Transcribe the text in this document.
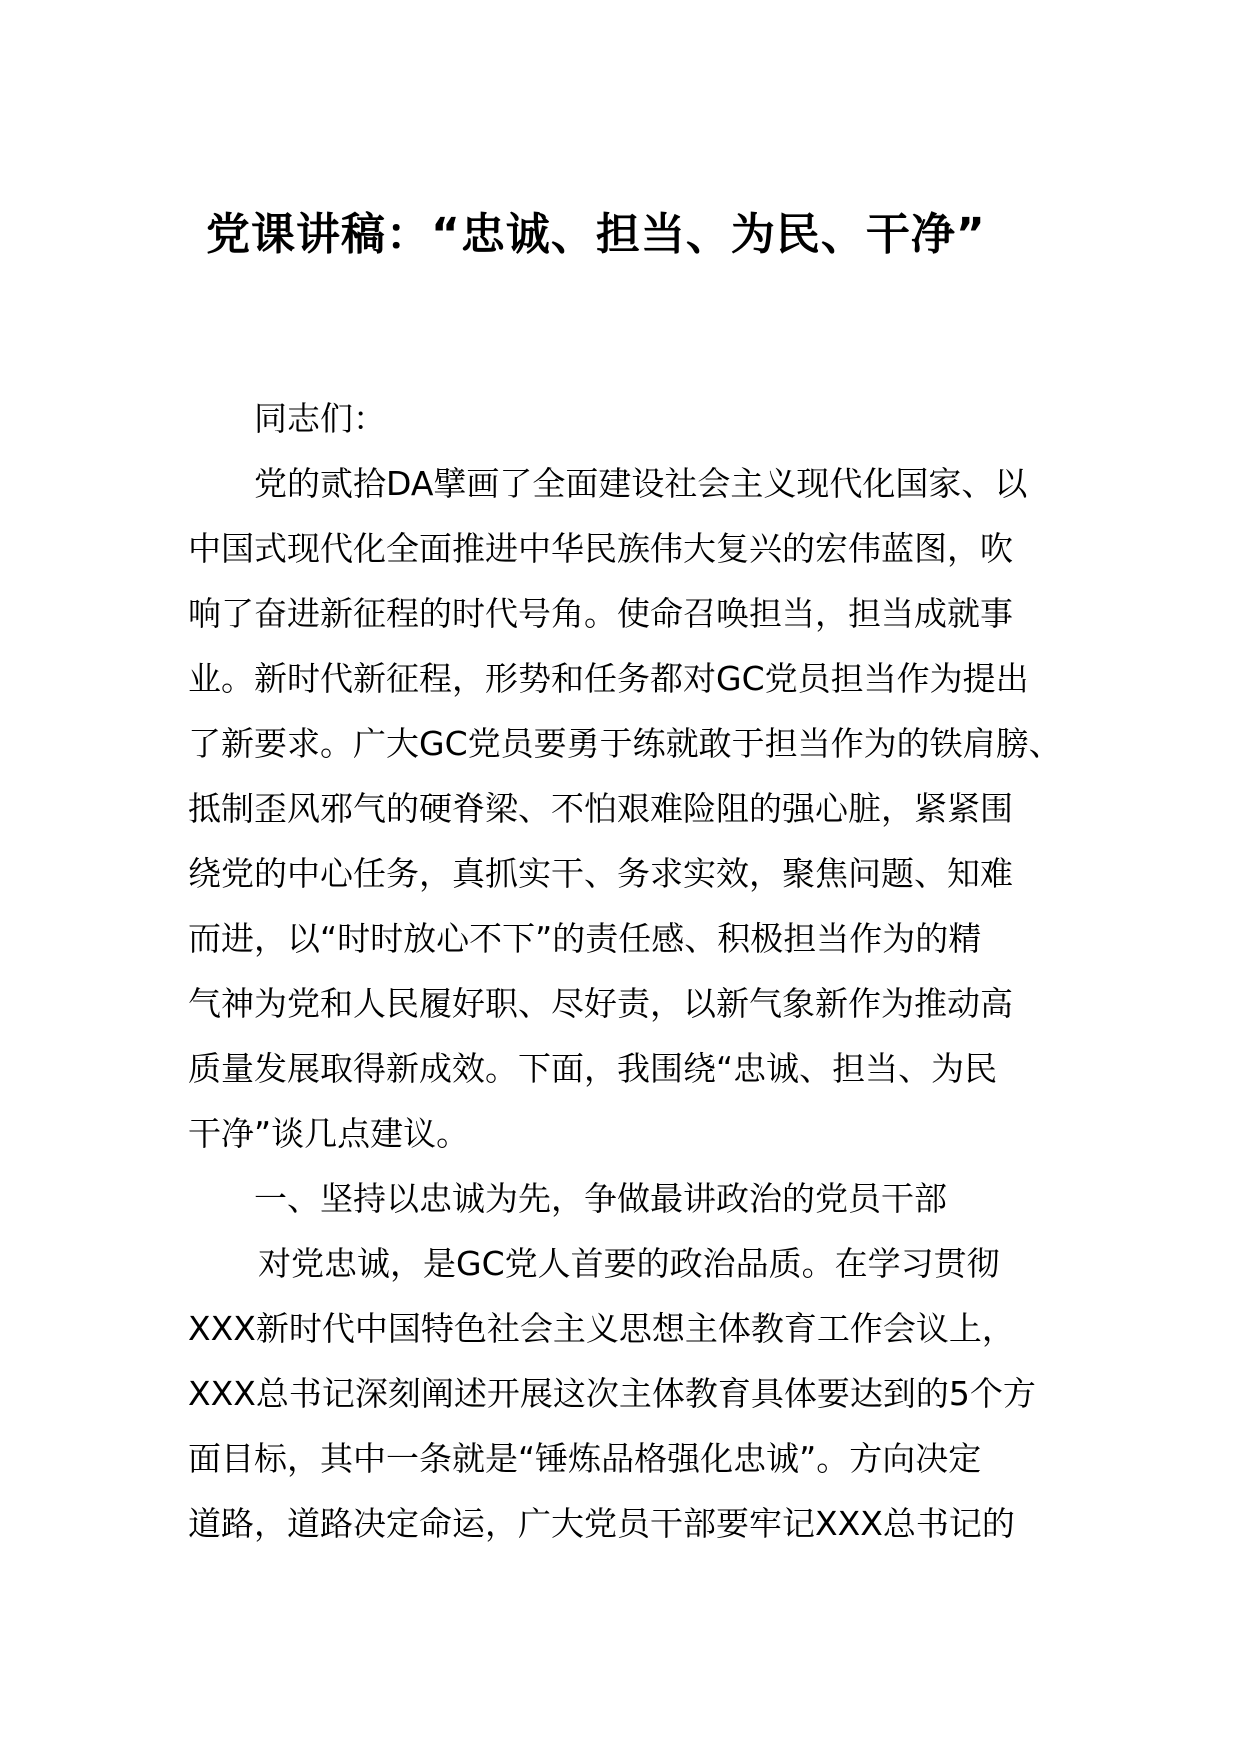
党课讲稿：“忠诚、担当、为民、干净”
同志们：
党的贰拾DA擘画了全面建设社会主义现代化国家、以
中国式现代化全面推进中华民族伟大复兴的宏伟蓝图，吹
响了奋进新征程的时代号角。使命召唤担当，担当成就事
业。新时代新征程，形势和任务都对GC党员担当作为提出
了新要求。广大GC党员要勇于练就敢于担当作为的铁肩膀、
抵制歪风邪气的硬脊梁、不怕艰难险阻的强心脏，紧紧围
绕党的中心任务，真抓实干、务求实效，聚焦问题、知难
而进，以“时时放心不下”的责任感、积极担当作为的精
气神为党和人民履好职、尽好责，以新气象新作为推动高
质量发展取得新成效。下面，我围绕“忠诚、担当、为民
干净”谈几点建议。
一、坚持以忠诚为先，争做最讲政治的党员干部
对党忠诚，是GC党人首要的政治品质。在学习贯彻
XXX新时代中国特色社会主义思想主体教育工作会议上，
XXX总书记深刻阐述开展这次主体教育具体要达到的5个方
面目标，其中一条就是“锤炼品格强化忠诚”。方向决定
道路，道路决定命运，广大党员干部要牢记XXX总书记的
